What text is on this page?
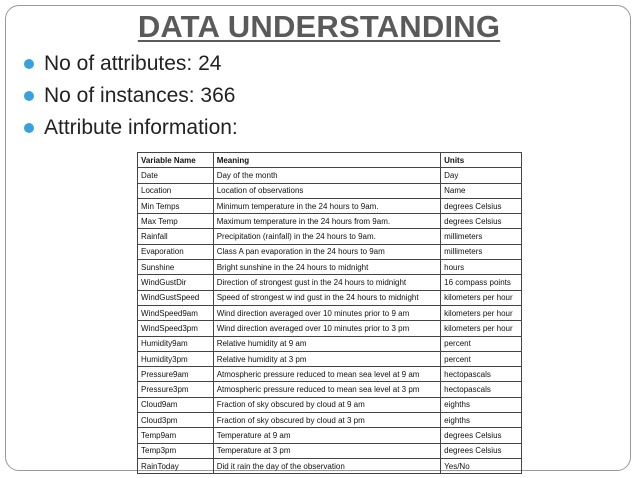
DATA UNDERSTANDING
No of attributes: 24
No of instances: 366
Attribute information:
Variable Name	Meaning	Units
Date	Day of the month	Day
Location	Location of observations	Name
Min Temps	Minimum temperature in the 24 hours to 9am.	degrees Celsius
Max Temp	Maximum temperature in the 24 hours from 9am.	degrees Celsius
Rainfall	Precipitation (rainfall) in the 24 hours to 9am.	millimeters
Evaporation	Class A pan evaporation in the 24 hours to 9am	millimeters
Sunshine	Bright sunshine in the 24 hours to midnight	hours
WindGustDir	Direction of strongest gust in the 24 hours to midnight	16 compass points
WindGustSpeed	Speed of strongest w ind gust in the 24 hours to midnight	kilometers per hour
WindSpeed9am	Wind direction averaged over 10 minutes prior to 9 am	kilometers per hour
WindSpeed3pm	Wind direction averaged over 10 minutes prior to 3 pm	kilometers per hour
Humidity9am	Relative humidity at 9 am	percent
Humidity3pm	Relative humidity at 3 pm	percent
Pressure9am	Atmospheric pressure reduced to mean sea level at 9 am	hectopascals
Pressure3pm	Atmospheric pressure reduced to mean sea level at 3 pm	hectopascals
Cloud9am	Fraction of sky obscured by cloud at 9 am	eighths
Cloud3pm	Fraction of sky obscured by cloud at 3 pm	eighths
Temp9am	Temperature at 9 am	degrees Celsius
Temp3pm	Temperature at 3 pm	degrees Celsius
RainToday	Did it rain the day of the observation	Yes/No
